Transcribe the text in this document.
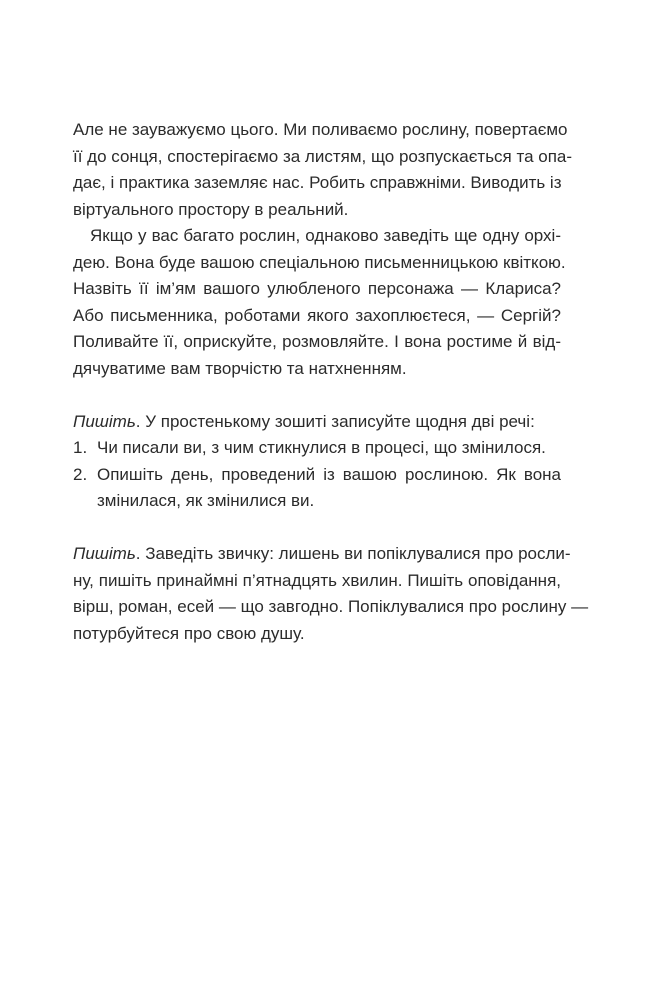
Але не зауважуємо цього. Ми поливаємо рослину, повертаємо
її до сонця, спостерігаємо за листям, що розпускається та опа-
дає, і практика заземляє нас. Робить справжніми. Виводить із
віртуального простору в реальний.
Якщо у вас багато рослин, однаково заведіть ще одну орхі-
дею. Вона буде вашою спеціальною письменницькою квіткою.
Назвіть її ім’ям вашого улюбленого персонажа — Клариса?
Або письменника, роботами якого захоплюєтеся, — Сергій?
Поливайте її, оприскуйте, розмовляйте. І вона ростиме й від-
дячуватиме вам творчістю та натхненням.
Пишіть. У простенькому зошиті записуйте щодня дві речі:
1. Чи писали ви, з чим стикнулися в процесі, що змінилося.
2. Опишіть день, проведений із вашою рослиною. Як вона
змінилася, як змінилися ви.
Пишіть. Заведіть звичку: лишень ви попіклувалися про росли-
ну, пишіть принаймні п’ятнадцять хвилин. Пишіть оповідання,
вірш, роман, есей — що завгодно. Попіклувалися про рослину —
потурбуйтеся про свою душу.
